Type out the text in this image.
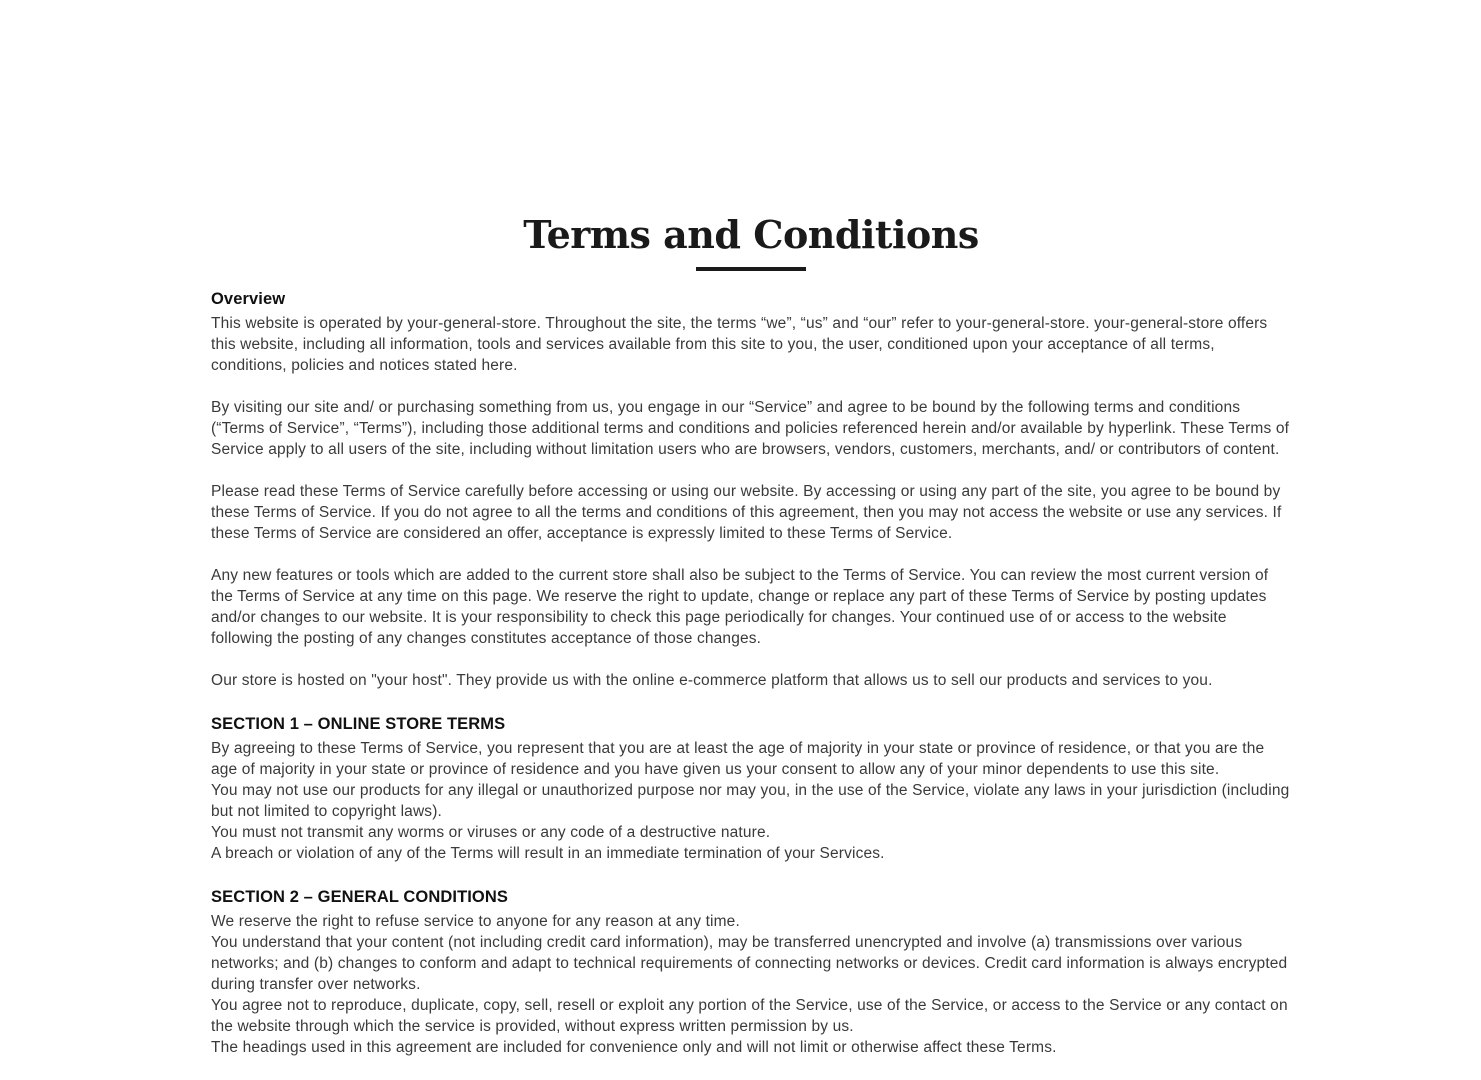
Terms and Conditions
Overview

This website is operated by your-general-store. Throughout the site, the terms “we”, “us” and “our” refer to your-general-store. your-general-store offers this website, including all information, tools and services available from this site to you, the user, conditioned upon your acceptance of all terms, conditions, policies and notices stated here.

By visiting our site and/ or purchasing something from us, you engage in our “Service” and agree to be bound by the following terms and conditions (“Terms of Service”, “Terms”), including those additional terms and conditions and policies referenced herein and/or available by hyperlink. These Terms of Service apply to all users of the site, including without limitation users who are browsers, vendors, customers, merchants, and/ or contributors of content.

Please read these Terms of Service carefully before accessing or using our website. By accessing or using any part of the site, you agree to be bound by these Terms of Service. If you do not agree to all the terms and conditions of this agreement, then you may not access the website or use any services. If these Terms of Service are considered an offer, acceptance is expressly limited to these Terms of Service.

Any new features or tools which are added to the current store shall also be subject to the Terms of Service. You can review the most current version of the Terms of Service at any time on this page. We reserve the right to update, change or replace any part of these Terms of Service by posting updates and/or changes to our website. It is your responsibility to check this page periodically for changes. Your continued use of or access to the website following the posting of any changes constitutes acceptance of those changes.

Our store is hosted on "your host". They provide us with the online e-commerce platform that allows us to sell our products and services to you.

SECTION 1 – ONLINE STORE TERMS

By agreeing to these Terms of Service, you represent that you are at least the age of majority in your state or province of residence, or that you are the age of majority in your state or province of residence and you have given us your consent to allow any of your minor dependents to use this site.

You may not use our products for any illegal or unauthorized purpose nor may you, in the use of the Service, violate any laws in your jurisdiction (including but not limited to copyright laws).

You must not transmit any worms or viruses or any code of a destructive nature.

A breach or violation of any of the Terms will result in an immediate termination of your Services.

SECTION 2 – GENERAL CONDITIONS

We reserve the right to refuse service to anyone for any reason at any time.

You understand that your content (not including credit card information), may be transferred unencrypted and involve (a) transmissions over various networks; and (b) changes to conform and adapt to technical requirements of connecting networks or devices. Credit card information is always encrypted during transfer over networks.

You agree not to reproduce, duplicate, copy, sell, resell or exploit any portion of the Service, use of the Service, or access to the Service or any contact on the website through which the service is provided, without express written permission by us.

The headings used in this agreement are included for convenience only and will not limit or otherwise affect these Terms.
